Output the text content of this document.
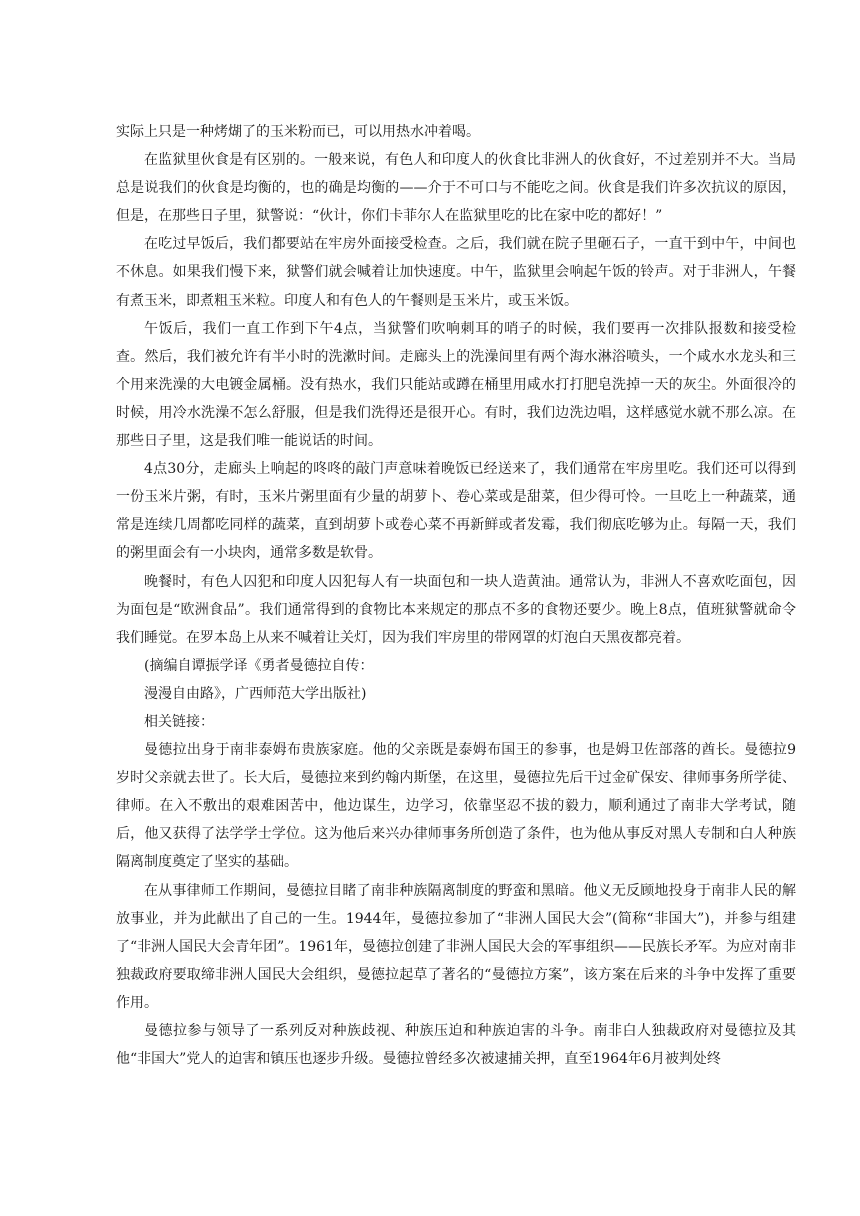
实际上只是一种烤煳了的玉米粉而已，可以用热水冲着喝。

在监狱里伙食是有区别的。一般来说，有色人和印度人的伙食比非洲人的伙食好，不过差别并不大。当局总是说我们的伙食是均衡的，也的确是均衡的——介于不可口与不能吃之间。伙食是我们许多次抗议的原因，但是，在那些日子里，狱警说：“伙计，你们卡菲尔人在监狱里吃的比在家中吃的都好！”

在吃过早饭后，我们都要站在牢房外面接受检查。之后，我们就在院子里砸石子，一直干到中午，中间也不休息。如果我们慢下来，狱警们就会喊着让加快速度。中午，监狱里会响起午饭的铃声。对于非洲人，午餐有煮玉米，即煮粗玉米粒。印度人和有色人的午餐则是玉米片，或玉米饭。

午饭后，我们一直工作到下午4点，当狱警们吹响刺耳的哨子的时候，我们要再一次排队报数和接受检查。然后，我们被允许有半小时的洗漱时间。走廊头上的洗澡间里有两个海水淋浴喷头，一个咸水水龙头和三个用来洗澡的大电镀金属桶。没有热水，我们只能站或蹲在桶里用咸水打打肥皂洗掉一天的灰尘。外面很冷的时候，用冷水洗澡不怎么舒服，但是我们洗得还是很开心。有时，我们边洗边唱，这样感觉水就不那么凉。在那些日子里，这是我们唯一能说话的时间。

4点30分，走廊头上响起的咚咚的敲门声意味着晚饭已经送来了，我们通常在牢房里吃。我们还可以得到一份玉米片粥，有时，玉米片粥里面有少量的胡萝卜、卷心菜或是甜菜，但少得可怜。一旦吃上一种蔬菜，通常是连续几周都吃同样的蔬菜，直到胡萝卜或卷心菜不再新鲜或者发霉，我们彻底吃够为止。每隔一天，我们的粥里面会有一小块肉，通常多数是软骨。

晚餐时，有色人囚犯和印度人囚犯每人有一块面包和一块人造黄油。通常认为，非洲人不喜欢吃面包，因为面包是“欧洲食品”。我们通常得到的食物比本来规定的那点不多的食物还要少。晚上8点，值班狱警就命令我们睡觉。在罗本岛上从来不喊着让关灯，因为我们牢房里的带网罩的灯泡白天黑夜都亮着。

(摘编自谭振学译《勇者曼德拉自传：

漫漫自由路》，广西师范大学出版社)

相关链接：

曼德拉出身于南非泰姆布贵族家庭。他的父亲既是泰姆布国王的参事，也是姆卫佐部落的酋长。曼德拉9岁时父亲就去世了。长大后，曼德拉来到约翰内斯堡，在这里，曼德拉先后干过金矿保安、律师事务所学徒、律师。在入不敷出的艰难困苦中，他边谋生，边学习，依靠坚忍不拔的毅力，顺利通过了南非大学考试，随后，他又获得了法学学士学位。这为他后来兴办律师事务所创造了条件，也为他从事反对黑人专制和白人种族隔离制度奠定了坚实的基础。

在从事律师工作期间，曼德拉目睹了南非种族隔离制度的野蛮和黑暗。他义无反顾地投身于南非人民的解放事业，并为此献出了自己的一生。1944年，曼德拉参加了“非洲人国民大会”(简称“非国大”)，并参与组建了“非洲人国民大会青年团”。1961年，曼德拉创建了非洲人国民大会的军事组织——民族长矛军。为应对南非独裁政府要取缔非洲人国民大会组织，曼德拉起草了著名的“曼德拉方案”，该方案在后来的斗争中发挥了重要作用。

曼德拉参与领导了一系列反对种族歧视、种族压迫和种族迫害的斗争。南非白人独裁政府对曼德拉及其他“非国大”党人的迫害和镇压也逐步升级。曼德拉曾经多次被逮捕关押，直至1964年6月被判处终
